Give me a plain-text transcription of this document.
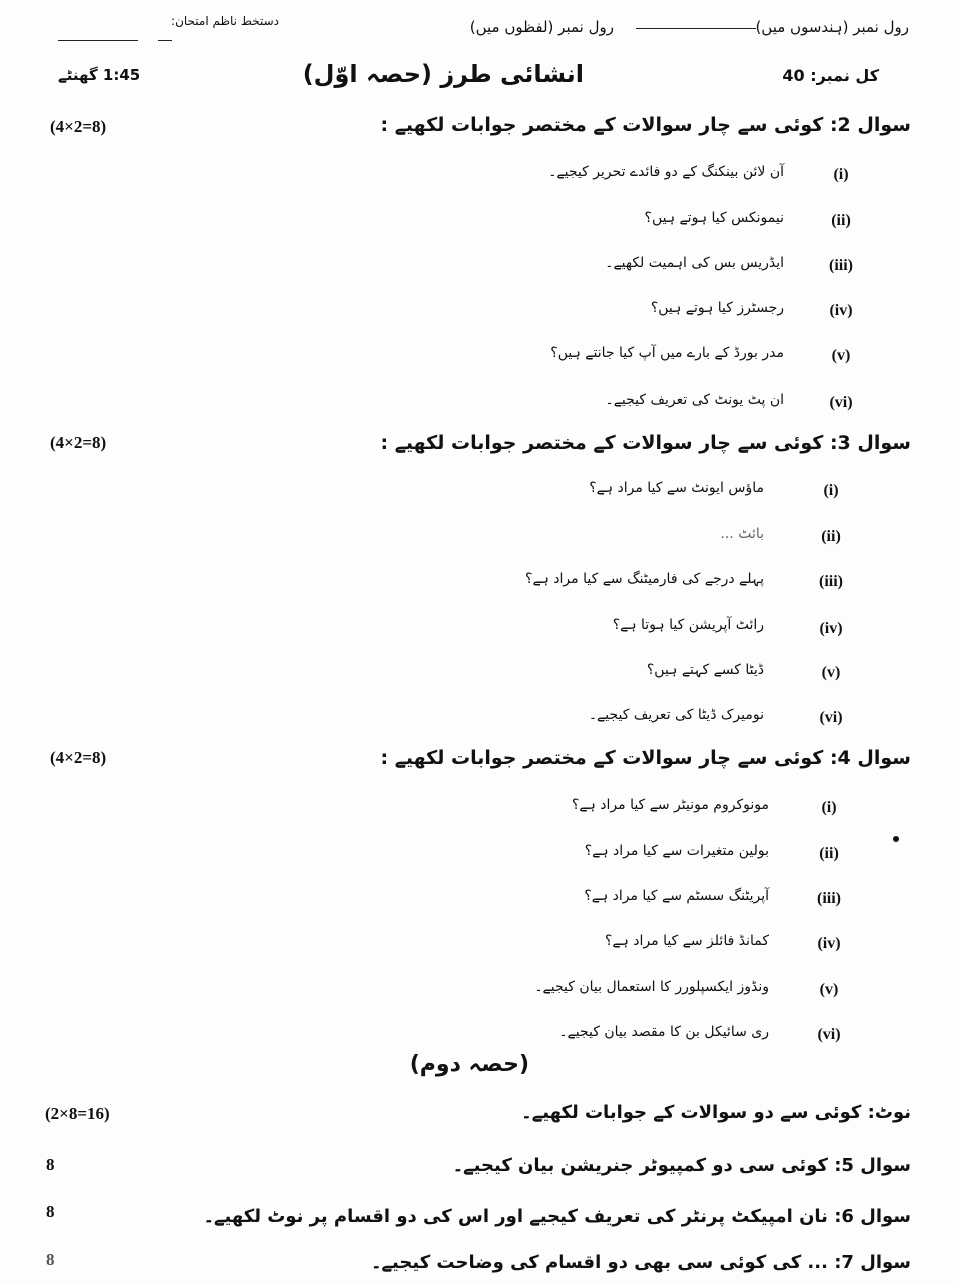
رول نمبر (ہندسوں میں)
رول نمبر (لفظوں میں)
دستخط ناظم امتحان:
کل نمبر: 40
انشائی طرز (حصہ اوّل)
1:45 گھنٹے
سوال 2: کوئی سے چار سوالات کے مختصر جوابات لکھیے :
(4×2=8)
(i)
آن لائن بینکنگ کے دو فائدے تحریر کیجیے۔
(ii)
نیمونکس کیا ہوتے ہیں؟
(iii)
ایڈریس بس کی اہمیت لکھیے۔
(iv)
رجسٹرز کیا ہوتے ہیں؟
(v)
مدر بورڈ کے بارے میں آپ کیا جانتے ہیں؟
(vi)
ان پٹ یونٹ کی تعریف کیجیے۔
سوال 3: کوئی سے چار سوالات کے مختصر جوابات لکھیے :
(4×2=8)
(i)
ماؤس ایونٹ سے کیا مراد ہے؟
(ii)
بائٹ ...
(iii)
پہلے درجے کی فارمیٹنگ سے کیا مراد ہے؟
(iv)
رائٹ آپریشن کیا ہوتا ہے؟
(v)
ڈیٹا کسے کہتے ہیں؟
(vi)
نومیرک ڈیٹا کی تعریف کیجیے۔
سوال 4: کوئی سے چار سوالات کے مختصر جوابات لکھیے :
(4×2=8)
(i)
مونوکروم مونیٹر سے کیا مراد ہے؟
(ii)
بولین متغیرات سے کیا مراد ہے؟
(iii)
آپریٹنگ سسٹم سے کیا مراد ہے؟
(iv)
کمانڈ فائلز سے کیا مراد ہے؟
(v)
ونڈوز ایکسپلورر کا استعمال بیان کیجیے۔
(vi)
ری سائیکل بن کا مقصد بیان کیجیے۔
(حصہ دوم)
نوٹ: کوئی سے دو سوالات کے جوابات لکھیے۔
(2×8=16)
سوال 5: کوئی سی دو کمپیوٹر جنریشن بیان کیجیے۔
8
سوال 6: نان امپیکٹ پرنٹر کی تعریف کیجیے اور اس کی دو اقسام پر نوٹ لکھیے۔
8
سوال 7: ... کی کوئی سی بھی دو اقسام کی وضاحت کیجیے۔
8
